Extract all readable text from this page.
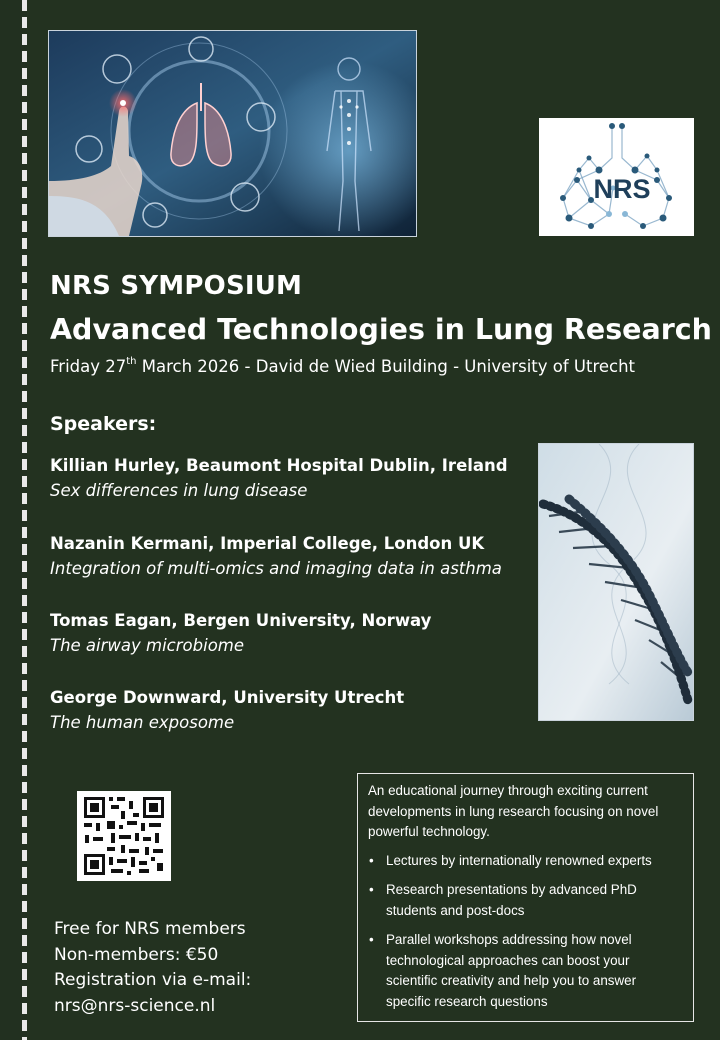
NRS
NRS SYMPOSIUM
Advanced Technologies in Lung Research
Friday 27th March 2026 - David de Wied Building - University of Utrecht
Speakers:
Killian Hurley, Beaumont Hospital Dublin, Ireland
Sex differences in lung disease
Nazanin Kermani, Imperial College, London UK
Integration of multi-omics and imaging data in asthma
Tomas Eagan, Bergen University, Norway
The airway microbiome
George Downward, University Utrecht
The human exposome
Free for NRS members
Non-members: €50
Registration via e-mail:
nrs@nrs-science.nl

An educational journey through exciting current developments in lung research focusing on novel powerful technology.

• Lectures by internationally renowned experts
• Research presentations by advanced PhD students and post-docs
• Parallel workshops addressing how novel technological approaches can boost your scientific creativity and help you to answer specific research questions
